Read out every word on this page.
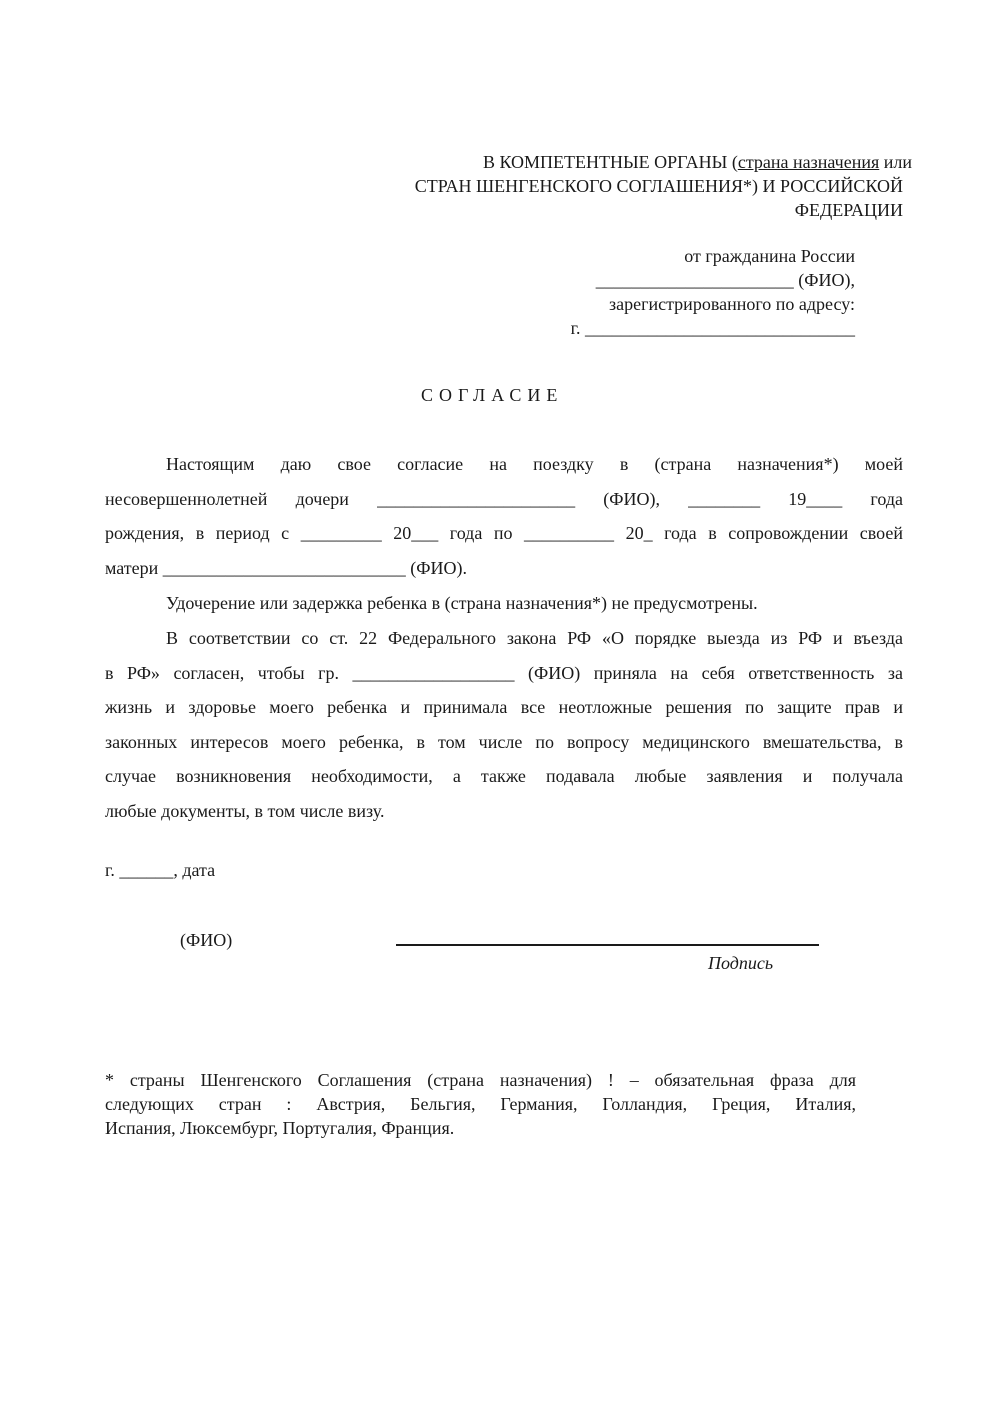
В КОМПЕТЕНТНЫЕ ОРГАНЫ (страна назначения или
СТРАН ШЕНГЕНСКОГО СОГЛАШЕНИЯ*) И РОССИЙСКОЙ
ФЕДЕРАЦИИ
от гражданина России
______________________ (ФИО),
зарегистрированного по адресу:
г. ______________________________
СОГЛАСИЕ
Настоящим даю свое согласие на поездку в (страна назначения*) моей
несовершеннолетней дочери ______________________ (ФИО), ________ 19____ года
рождения, в период с _________ 20___ года по __________ 20_ года в сопровождении своей
матери ___________________________ (ФИО).
Удочерение или задержка ребенка в (страна назначения*) не предусмотрены.
В соответствии со ст. 22 Федерального закона РФ «О порядке выезда из РФ и въезда
в РФ» согласен, чтобы гр. __________________ (ФИО) приняла на себя ответственность за
жизнь и здоровье моего ребенка и принимала все неотложные решения по защите прав и
законных интересов моего ребенка, в том числе по вопросу медицинского вмешательства, в
случае возникновения необходимости, а также подавала любые заявления и получала
любые документы, в том числе визу.
г. ______, дата
(ФИО)
Подпись
* страны Шенгенского Соглашения (страна назначения) ! – обязательная фраза для
следующих стран : Австрия, Бельгия, Германия, Голландия, Греция, Италия,
Испания, Люксембург, Португалия, Франция.
